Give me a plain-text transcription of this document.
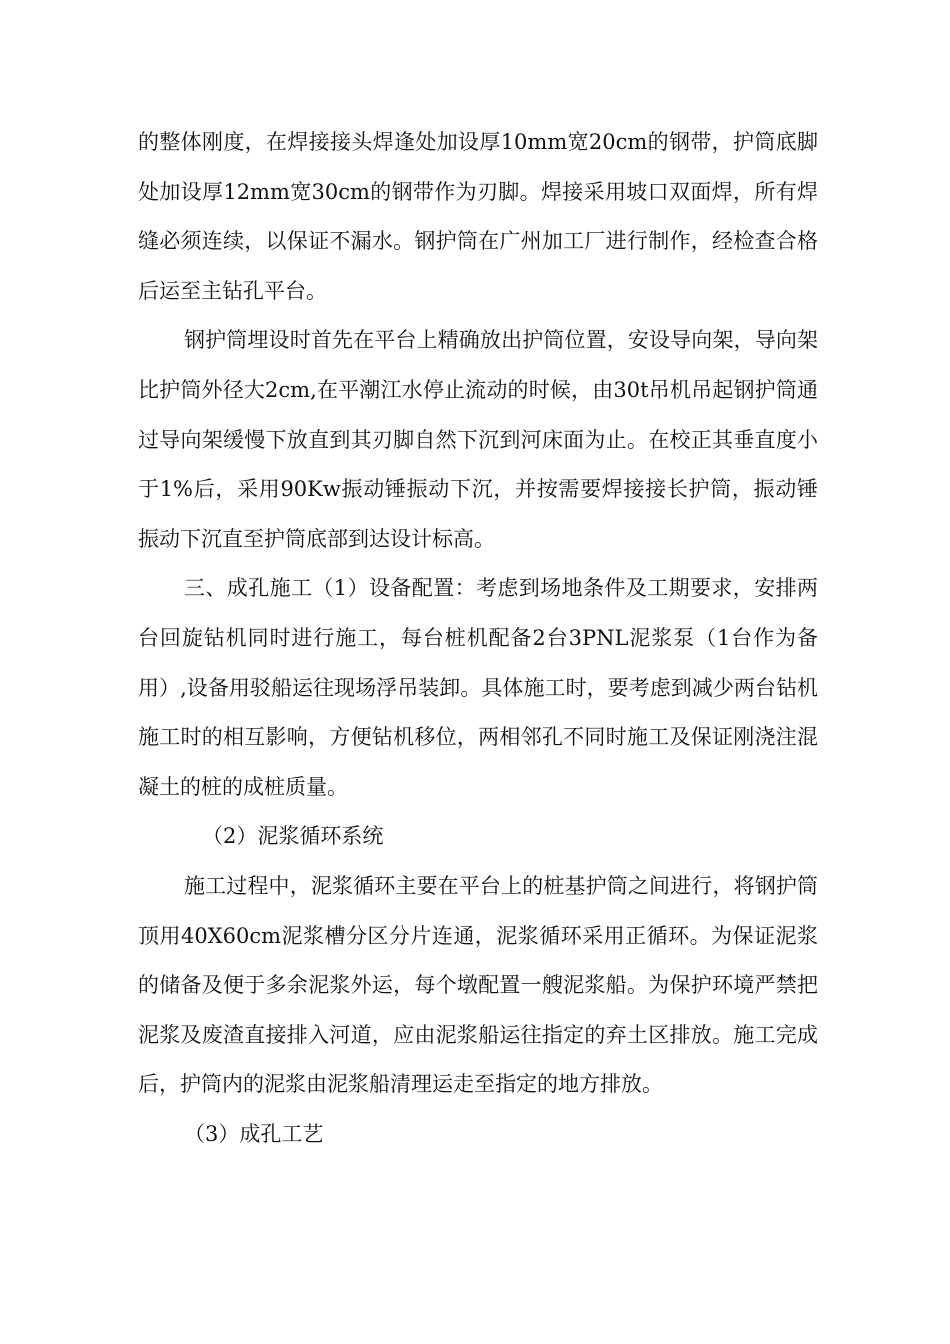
的整体刚度，在焊接接头焊逢处加设厚10mm宽20cm的钢带，护筒底脚处加设厚12mm宽30cm的钢带作为刃脚。焊接采用坡口双面焊，所有焊缝必须连续，以保证不漏水。钢护筒在广州加工厂进行制作，经检查合格后运至主钻孔平台。

钢护筒埋设时首先在平台上精确放出护筒位置，安设导向架，导向架比护筒外径大2cm,在平潮江水停止流动的时候，由30t吊机吊起钢护筒通过导向架缓慢下放直到其刃脚自然下沉到河床面为止。在校正其垂直度小于1%后，采用90Kw振动锤振动下沉，并按需要焊接接长护筒，振动锤振动下沉直至护筒底部到达设计标高。

三、成孔施工（1）设备配置：考虑到场地条件及工期要求，安排两台回旋钻机同时进行施工，每台桩机配备2台3PNL泥浆泵（1台作为备用）,设备用驳船运往现场浮吊装卸。具体施工时，要考虑到减少两台钻机施工时的相互影响，方便钻机移位，两相邻孔不同时施工及保证刚浇注混凝土的桩的成桩质量。

（2）泥浆循环系统

施工过程中，泥浆循环主要在平台上的桩基护筒之间进行，将钢护筒顶用40X60cm泥浆槽分区分片连通，泥浆循环采用正循环。为保证泥浆的储备及便于多余泥浆外运，每个墩配置一艘泥浆船。为保护环境严禁把泥浆及废渣直接排入河道，应由泥浆船运往指定的弃土区排放。施工完成后，护筒内的泥浆由泥浆船清理运走至指定的地方排放。

（3）成孔工艺
